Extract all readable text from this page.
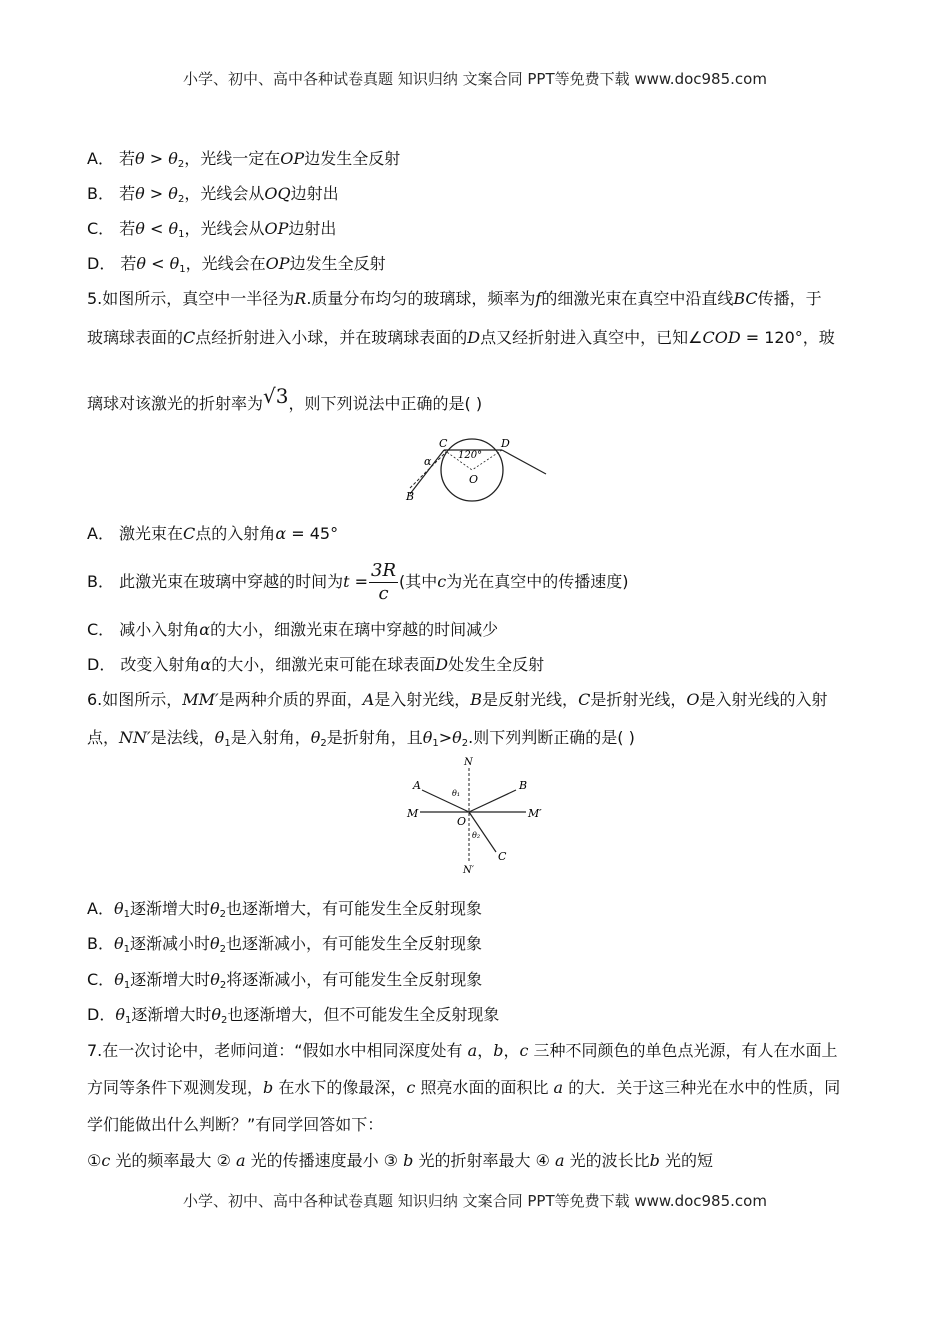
小学、初中、高中各种试卷真题 知识归纳 文案合同 PPT等免费下载 www.doc985.com
A． 若$\theta > \theta_2$，光线一定在OP边发生全反射
B． 若$\theta > \theta_2$，光线会从OQ边射出
C． 若$\theta < \theta_1$，光线会从OP边射出
D． 若$\theta < \theta_1$，光线会在OP边发生全反射
5.如图所示，真空中一半径为R.质量分布均匀的玻璃球，频率为f的细激光束在真空中沿直线BC传播，于
玻璃球表面的C点经折射进入小球，并在玻璃球表面的D点又经折射进入真空中，已知∠COD = 120°，玻
璃球对该激光的折射率为√3，则下列说法中正确的是( )
α
C
120°
D
O
B
A． 激光束在C点的入射角α = 45°
B． 此激光束在玻璃中穿越的时间为$t = \frac{3R}{c}$ (其中c为光在真空中的传播速度)
C． 减小入射角α的大小，细激光束在璃中穿越的时间减少
D． 改变入射角α的大小，细激光束可能在球表面D处发生全反射
6.如图所示，MM′是两种介质的界面，A是入射光线，B是反射光线，C是折射光线，O是入射光线的入射
点，NN′是法线，$\theta_1$是入射角，$\theta_2$是折射角，且$\theta_1>\theta_2$.则下列判断正确的是( )
N
A	B
M
O
M′
C
N′
θ₁
θ₂
A．$\theta_1$逐渐增大时$\theta_2$也逐渐增大，有可能发生全反射现象
B．$\theta_1$逐渐减小时$\theta_2$也逐渐减小，有可能发生全反射现象
C．$\theta_1$逐渐增大时$\theta_2$将逐渐减小，有可能发生全反射现象
D．$\theta_1$逐渐增大时$\theta_2$也逐渐增大，但不可能发生全反射现象
7.在一次讨论中，老师问道：“假如水中相同深度处有 a，b，c 三种不同颜色的单色点光源，有人在水面上
方同等条件下观测发现，b 在水下的像最深，c 照亮水面的面积比 a 的大．关于这三种光在水中的性质，同
学们能做出什么判断？”有同学回答如下：
①c 光的频率最大 ② a 光的传播速度最小 ③ b 光的折射率最大 ④ a 光的波长比b 光的短
小学、初中、高中各种试卷真题 知识归纳 文案合同 PPT等免费下载 www.doc985.com
